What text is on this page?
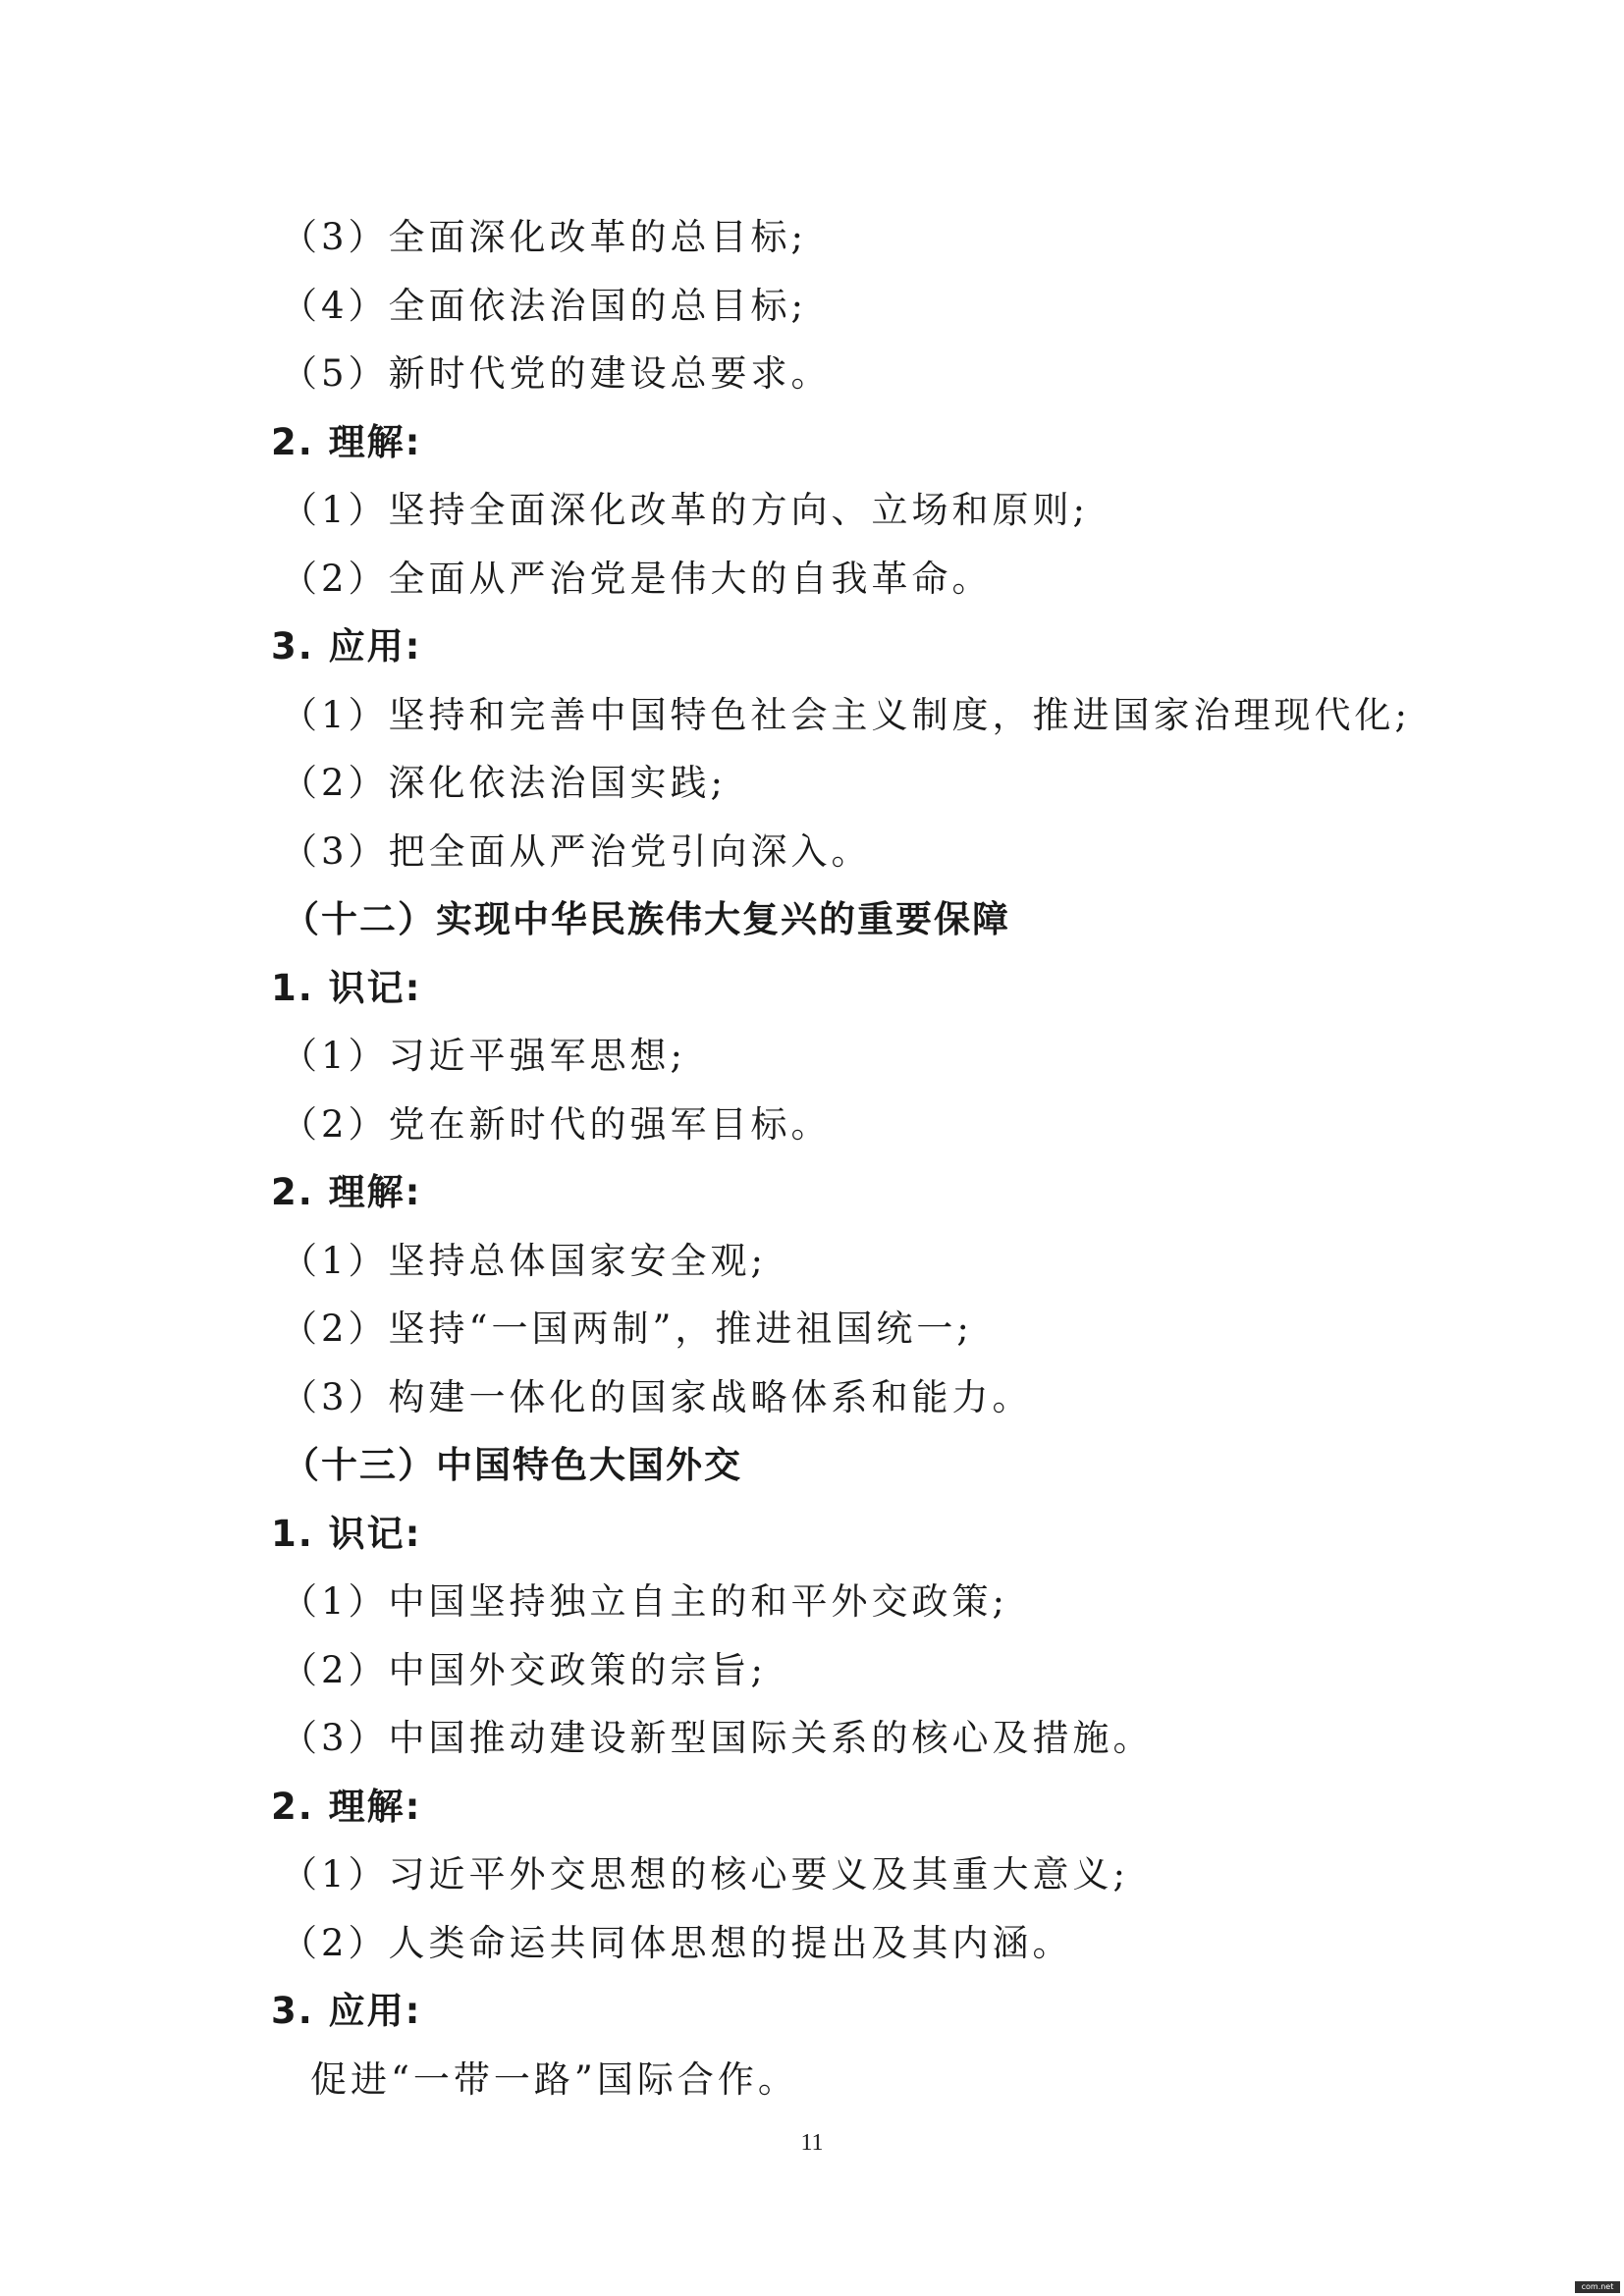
（3）全面深化改革的总目标;
（4）全面依法治国的总目标;
（5）新时代党的建设总要求。
2. 理解:
（1）坚持全面深化改革的方向、立场和原则;
（2）全面从严治党是伟大的自我革命。
3. 应用:
（1）坚持和完善中国特色社会主义制度，推进国家治理现代化;
（2）深化依法治国实践;
（3）把全面从严治党引向深入。
（十二）实现中华民族伟大复兴的重要保障
1. 识记:
（1）习近平强军思想;
（2）党在新时代的强军目标。
2. 理解:
（1）坚持总体国家安全观;
（2）坚持“一国两制”，推进祖国统一;
（3）构建一体化的国家战略体系和能力。
（十三）中国特色大国外交
1. 识记:
（1）中国坚持独立自主的和平外交政策;
（2）中国外交政策的宗旨;
（3）中国推动建设新型国际关系的核心及措施。
2. 理解:
（1）习近平外交思想的核心要义及其重大意义;
（2）人类命运共同体思想的提出及其内涵。
3. 应用:
促进“一带一路”国际合作。
11
com.net
